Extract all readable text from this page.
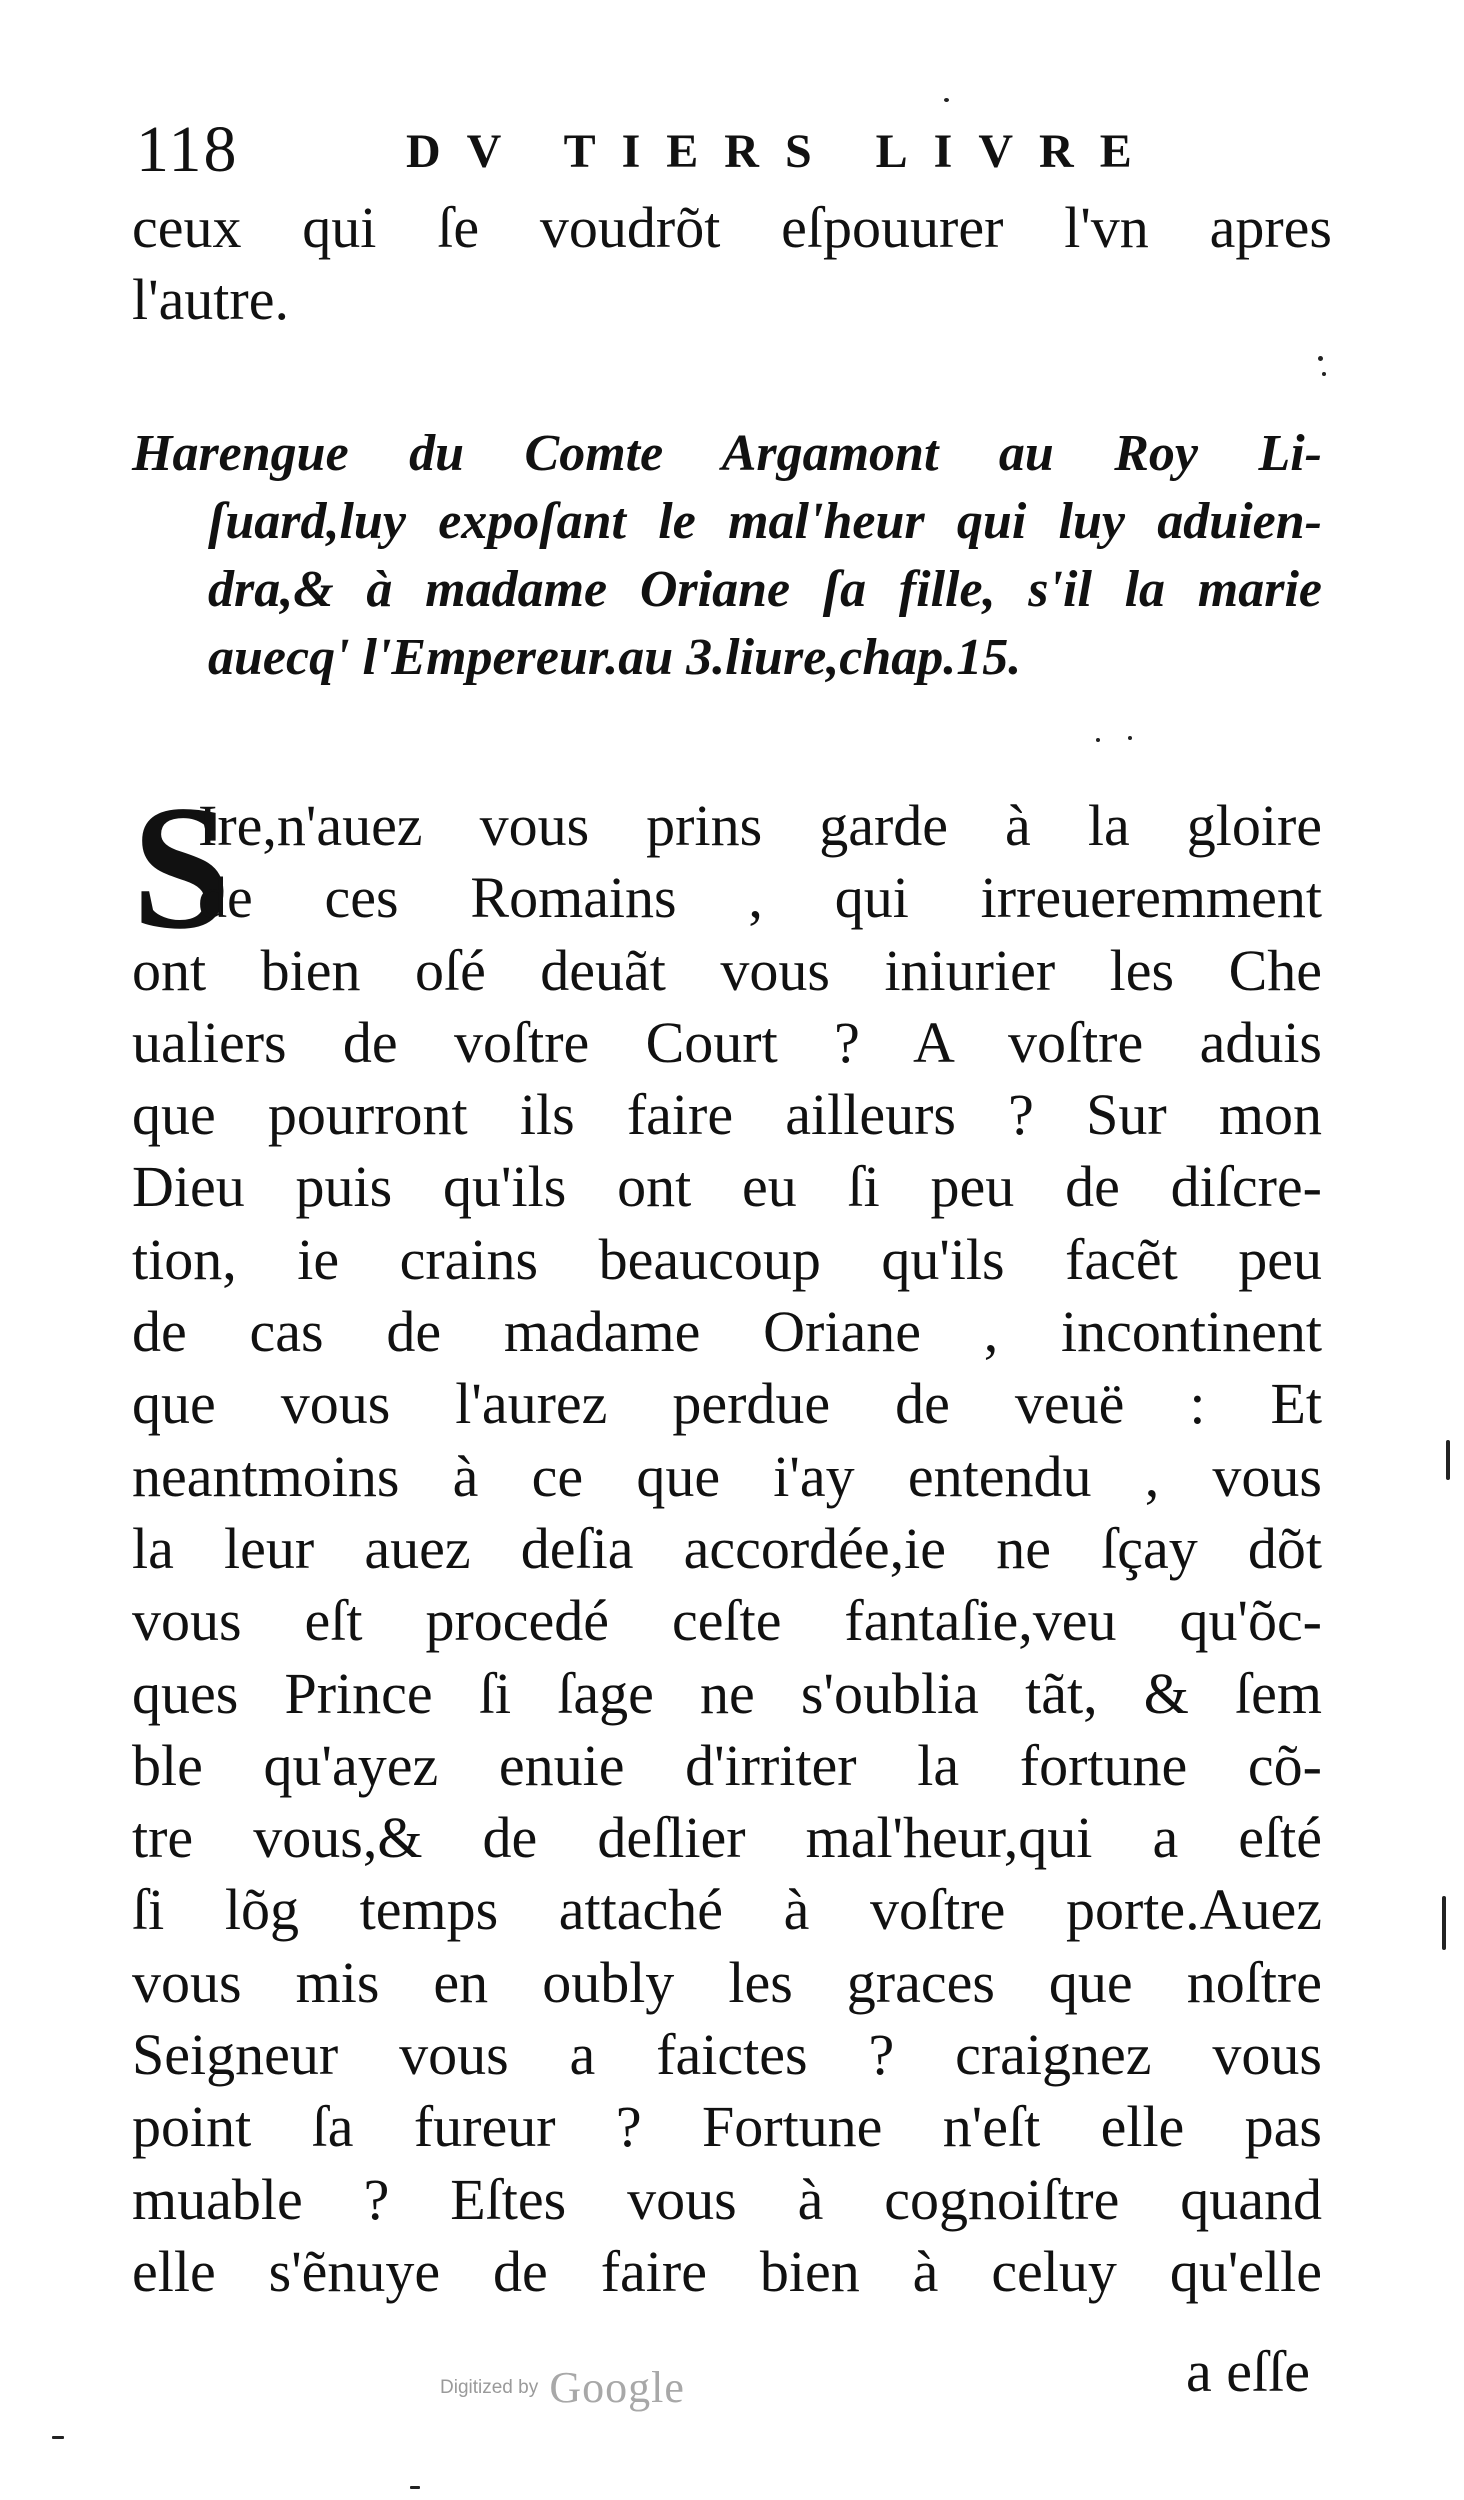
118	DV TIERS LIVRE
ceux qui ſe voudrõt eſpouurer l'vn apres
l'autre.
Harengue du Comte Argamont au Roy Li-
ſuard,luy expoſant le mal'heur qui luy aduien-
dra,& à madame Oriane ſa fille, s'il la marie
auecq' l'Empereur.au 3.liure,chap.15.
S
Ire,n'auez vous prins garde à la gloire
de ces Romains , qui irreueremment
ont bien oſé deuãt vous iniurier les Che
ualiers de voſtre Court ? A voſtre aduis
que pourront ils faire ailleurs ? Sur mon
Dieu puis qu'ils ont eu ſi peu de diſcre-
tion, ie crains beaucoup qu'ils facẽt peu
de cas de madame Oriane , incontinent
que vous l'aurez perdue de veuë : Et
neantmoins à ce que i'ay entendu , vous
la leur auez deſia accordée,ie ne ſçay dõt
vous eſt procedé ceſte fantaſie,veu qu'õc-
ques Prince ſi ſage ne s'oublia tãt, & ſem
ble qu'ayez enuie d'irriter la fortune cõ-
tre vous,& de deſlier mal'heur,qui a eſté
ſi lõg temps attaché à voſtre porte.Auez
vous mis en oubly les graces que noſtre
Seigneur vous a faictes ? craignez vous
point ſa fureur ? Fortune n'eſt elle pas
muable ? Eſtes vous à cognoiſtre quand
elle s'ẽnuye de faire bien à celuy qu'elle
a eſſe
Digitized by Google
